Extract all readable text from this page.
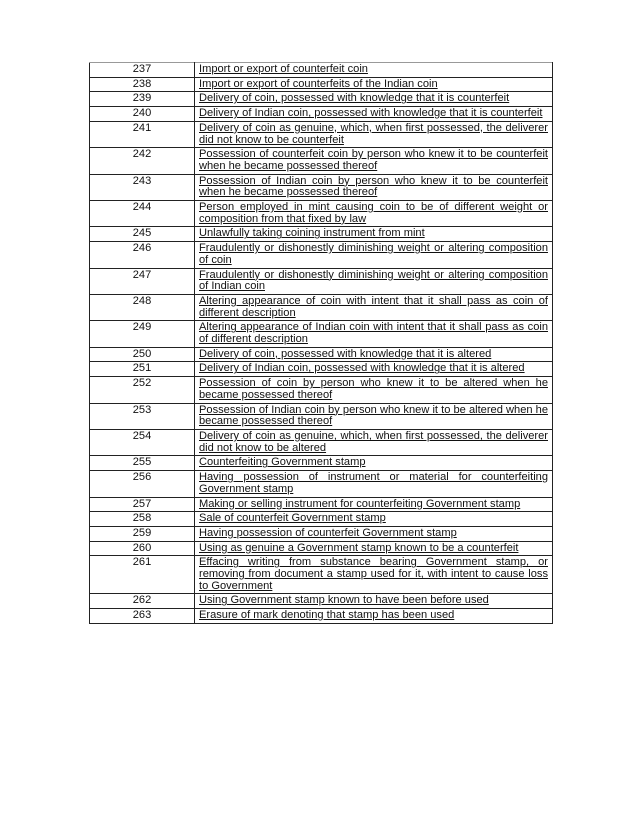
237	Import or export of counterfeit coin
238	Import or export of counterfeits of the Indian coin
239	Delivery of coin, possessed with knowledge that it is counterfeit
240	Delivery of Indian coin, possessed with knowledge that it is counterfeit
241	Delivery of coin as genuine, which, when first possessed, the deliverer did not know to be counterfeit
242	Possession of counterfeit coin by person who knew it to be counterfeit when he became possessed thereof
243	Possession of Indian coin by person who knew it to be counterfeit when he became possessed thereof
244	Person employed in mint causing coin to be of different weight or composition from that fixed by law
245	Unlawfully taking coining instrument from mint
246	Fraudulently or dishonestly diminishing weight or altering composition of coin
247	Fraudulently or dishonestly diminishing weight or altering composition of Indian coin
248	Altering appearance of coin with intent that it shall pass as coin of different description
249	Altering appearance of Indian coin with intent that it shall pass as coin of different description
250	Delivery of coin, possessed with knowledge that it is altered
251	Delivery of Indian coin, possessed with knowledge that it is altered
252	Possession of coin by person who knew it to be altered when he became possessed thereof
253	Possession of Indian coin by person who knew it to be altered when he became possessed thereof
254	Delivery of coin as genuine, which, when first possessed, the deliverer did not know to be altered
255	Counterfeiting Government stamp
256	Having possession of instrument or material for counterfeiting Government stamp
257	Making or selling instrument for counterfeiting Government stamp
258	Sale of counterfeit Government stamp
259	Having possession of counterfeit Government stamp
260	Using as genuine a Government stamp known to be a counterfeit
261	Effacing writing from substance bearing Government stamp, or removing from document a stamp used for it, with intent to cause loss to Government
262	Using Government stamp known to have been before used
263	Erasure of mark denoting that stamp has been used
